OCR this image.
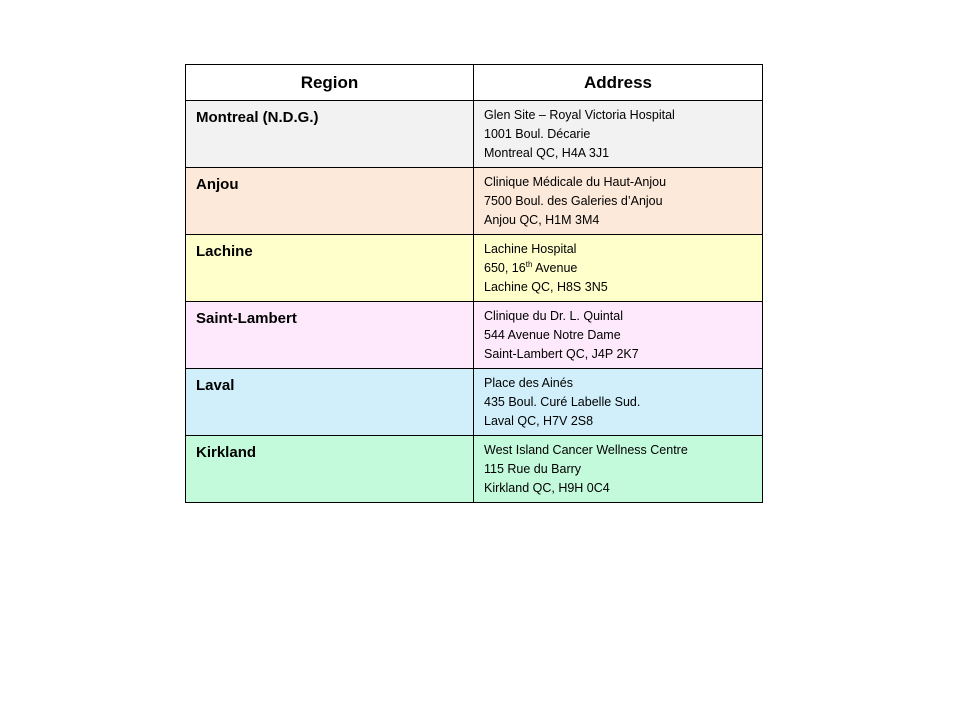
Region	Address
Montreal (N.D.G.)	Glen Site – Royal Victoria Hospital
1001 Boul. Décarie
Montreal QC, H4A 3J1

Anjou	Clinique Médicale du Haut-Anjou
7500 Boul. des Galeries d’Anjou
Anjou QC, H1M 3M4

Lachine	Lachine Hospital
650, 16th Avenue
Lachine QC, H8S 3N5

Saint-Lambert	Clinique du Dr. L. Quintal
544 Avenue Notre Dame
Saint-Lambert QC, J4P 2K7

Laval	Place des Ainés
435 Boul. Curé Labelle Sud.
Laval QC, H7V 2S8

Kirkland	West Island Cancer Wellness Centre
115 Rue du Barry
Kirkland QC, H9H 0C4
